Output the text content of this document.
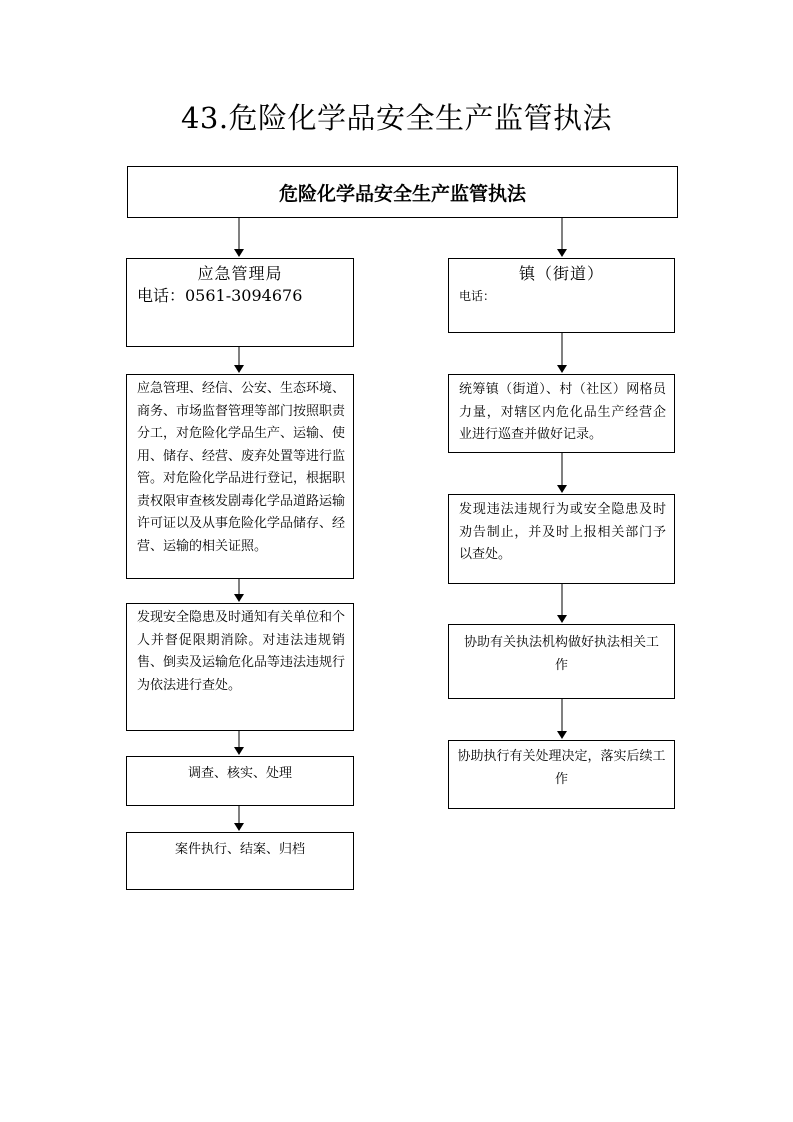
43.危险化学品安全生产监管执法
危险化学品安全生产监管执法
应急管理局
电话：0561-3094676
应急管理、经信、公安、生态环境、商务、市场监督管理等部门按照职责分工，对危险化学品生产、运输、使用、储存、经营、废弃处置等进行监管。对危险化学品进行登记，根据职责权限审查核发剧毒化学品道路运输许可证以及从事危险化学品储存、经营、运输的相关证照。
发现安全隐患及时通知有关单位和个人并督促限期消除。对违法违规销售、倒卖及运输危化品等违法违规行为依法进行查处。
调查、核实、处理
案件执行、结案、归档
镇（街道）
电话：
统筹镇（街道）、村（社区）网格员力量，对辖区内危化品生产经营企业进行巡查并做好记录。
发现违法违规行为或安全隐患及时劝告制止，并及时上报相关部门予以查处。
协助有关执法机构做好执法相关工作
协助执行有关处理决定，落实后续工作
